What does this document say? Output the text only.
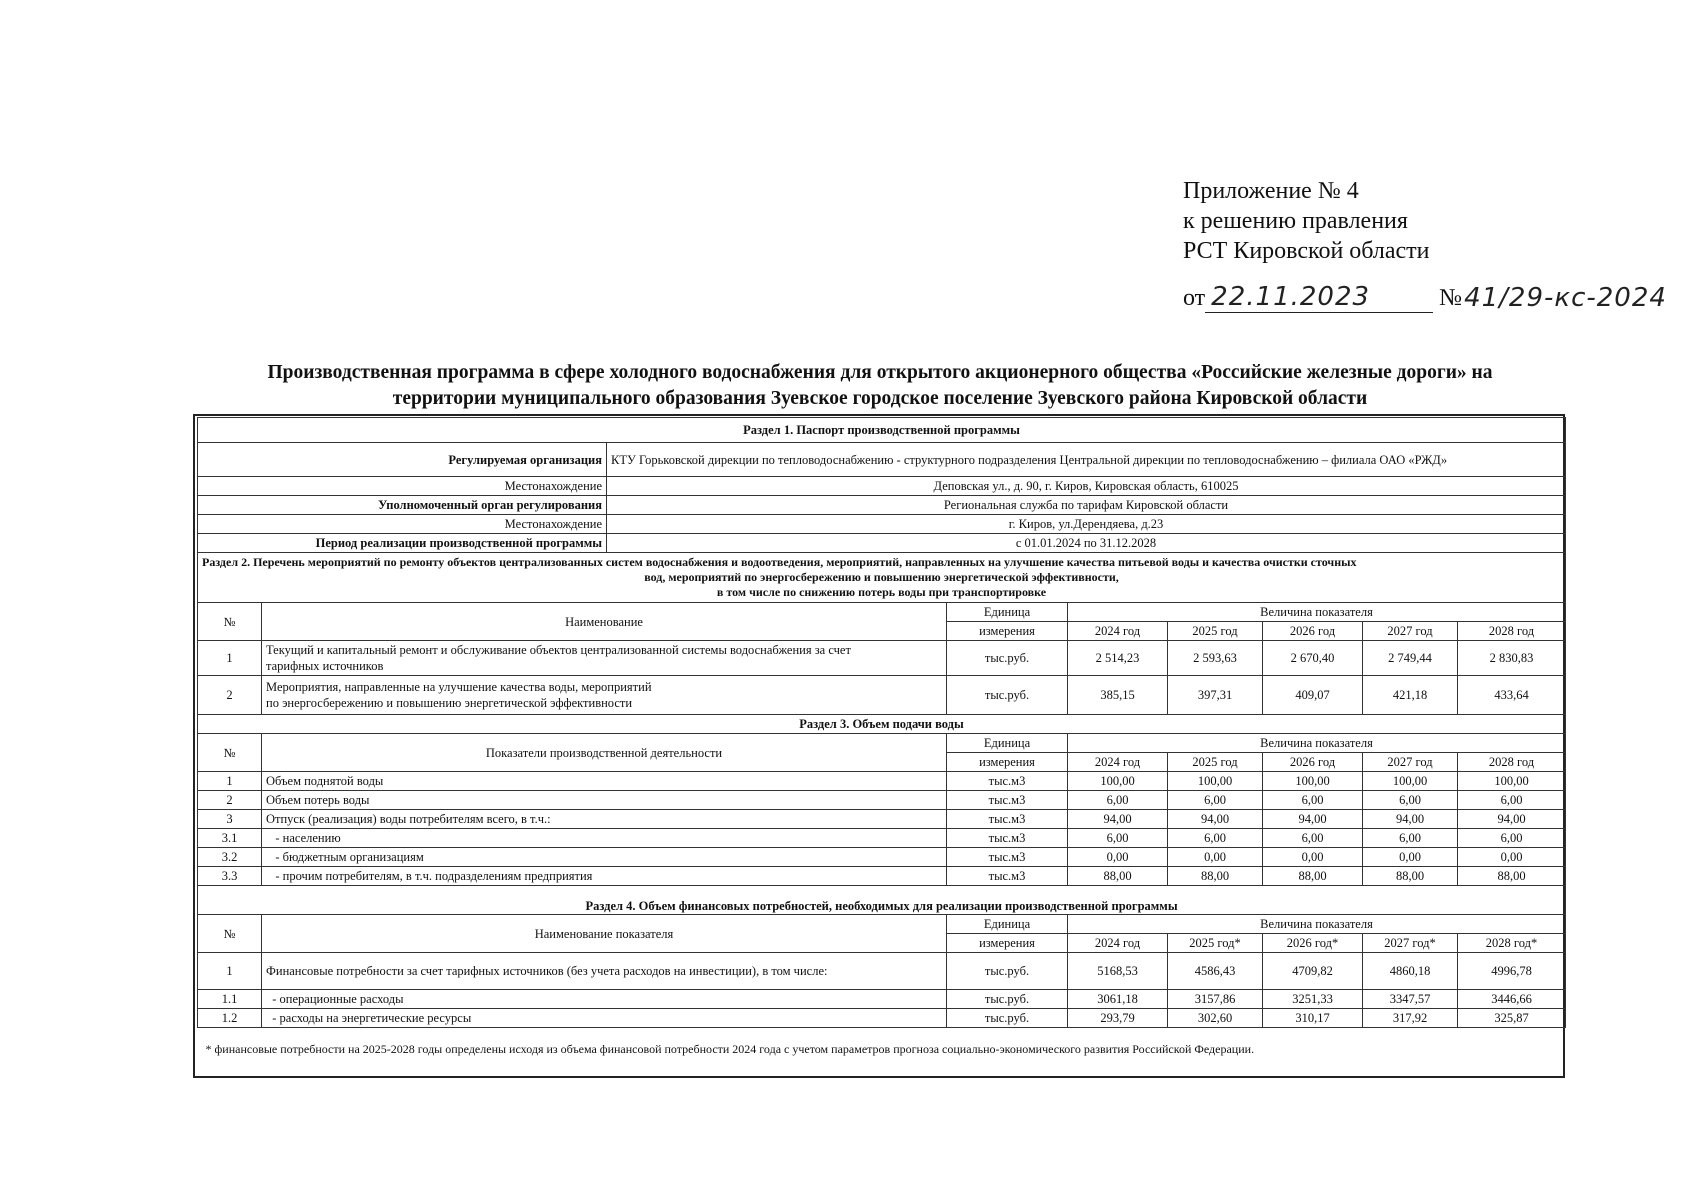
Приложение № 4
к решению правления
РСТ Кировской области
от 22.11.2023	№ 41/29-кс-2024
Производственная программа в сфере холодного водоснабжения для открытого акционерного общества «Российские железные дороги» на
территории муниципального образования Зуевское городское поселение Зуевского района Кировской области
Раздел 1. Паспорт производственной программы								
Регулируемая организация		КТУ Горьковской дирекции по тепловодоснабжению - структурного подразделения Центральной дирекции по тепловодоснабжению – филиала ОАО «РЖД»						
Местонахождение		Деповская ул., д. 90, г. Киров, Кировская область, 610025						
Уполномоченный орган регулирования		Региональная служба по тарифам Кировской области						
Местонахождение		г. Киров, ул.Дерендяева, д.23						
Период реализации производственной программы		с 01.01.2024 по 31.12.2028						

Раздел 2. Перечень мероприятий по ремонту объектов централизованных систем водоснабжения и водоотведения, мероприятий, направленных на улучшение качества питьевой воды и качества очистки сточных
вод, мероприятий по энергосбережению и повышению энергетической эффективности,
в том числе по снижению потерь воды при транспортировке								

№	Наименование		Единица	Величина показателя				
			измерения	2024 год	2025 год	2026 год	2027 год	2028 год
1	Текущий и капитальный ремонт и обслуживание объектов централизованной системы водоснабжения за счет
тарифных источников		тыс.руб.	2 514,23	2 593,63	2 670,40	2 749,44	2 830,83
2	Мероприятия, направленные на улучшение качества воды, мероприятий
по энергосбережению и повышению энергетической эффективности		тыс.руб.	385,15	397,31	409,07	421,18	433,64
Раздел 3. Объем подачи воды								
№	Показатели производственной деятельности		Единица	Величина показателя				
			измерения	2024 год	2025 год	2026 год	2027 год	2028 год
1	Объем поднятой воды		тыс.м3	100,00	100,00	100,00	100,00	100,00
2	Объем потерь воды		тыс.м3	6,00	6,00	6,00	6,00	6,00
3	Отпуск (реализация) воды потребителям всего, в т.ч.:		тыс.м3	94,00	94,00	94,00	94,00	94,00
3.1	- населению		тыс.м3	6,00	6,00	6,00	6,00	6,00
3.2	- бюджетным организациям		тыс.м3	0,00	0,00	0,00	0,00	0,00
3.3	- прочим потребителям, в т.ч. подразделениям предприятия		тыс.м3	88,00	88,00	88,00	88,00	88,00
Раздел 4. Объем финансовых потребностей, необходимых для реализации производственной программы								
№	Наименование показателя		Единица	Величина показателя				
			измерения	2024 год	2025 год*	2026 год*	2027 год*	2028 год*
1	Финансовые потребности за счет тарифных источников (без учета расходов на инвестиции), в том числе:		тыс.руб.	5168,53	4586,43	4709,82	4860,18	4996,78
1.1	- операционные расходы		тыс.руб.	3061,18	3157,86	3251,33	3347,57	3446,66
1.2	- расходы на энергетические ресурсы		тыс.руб.	293,79	302,60	310,17	317,92	325,87
* финансовые потребности на 2025-2028 годы определены исходя из объема финансовой потребности 2024 года с учетом параметров прогноза социально-экономического развития Российской Федерации.								
